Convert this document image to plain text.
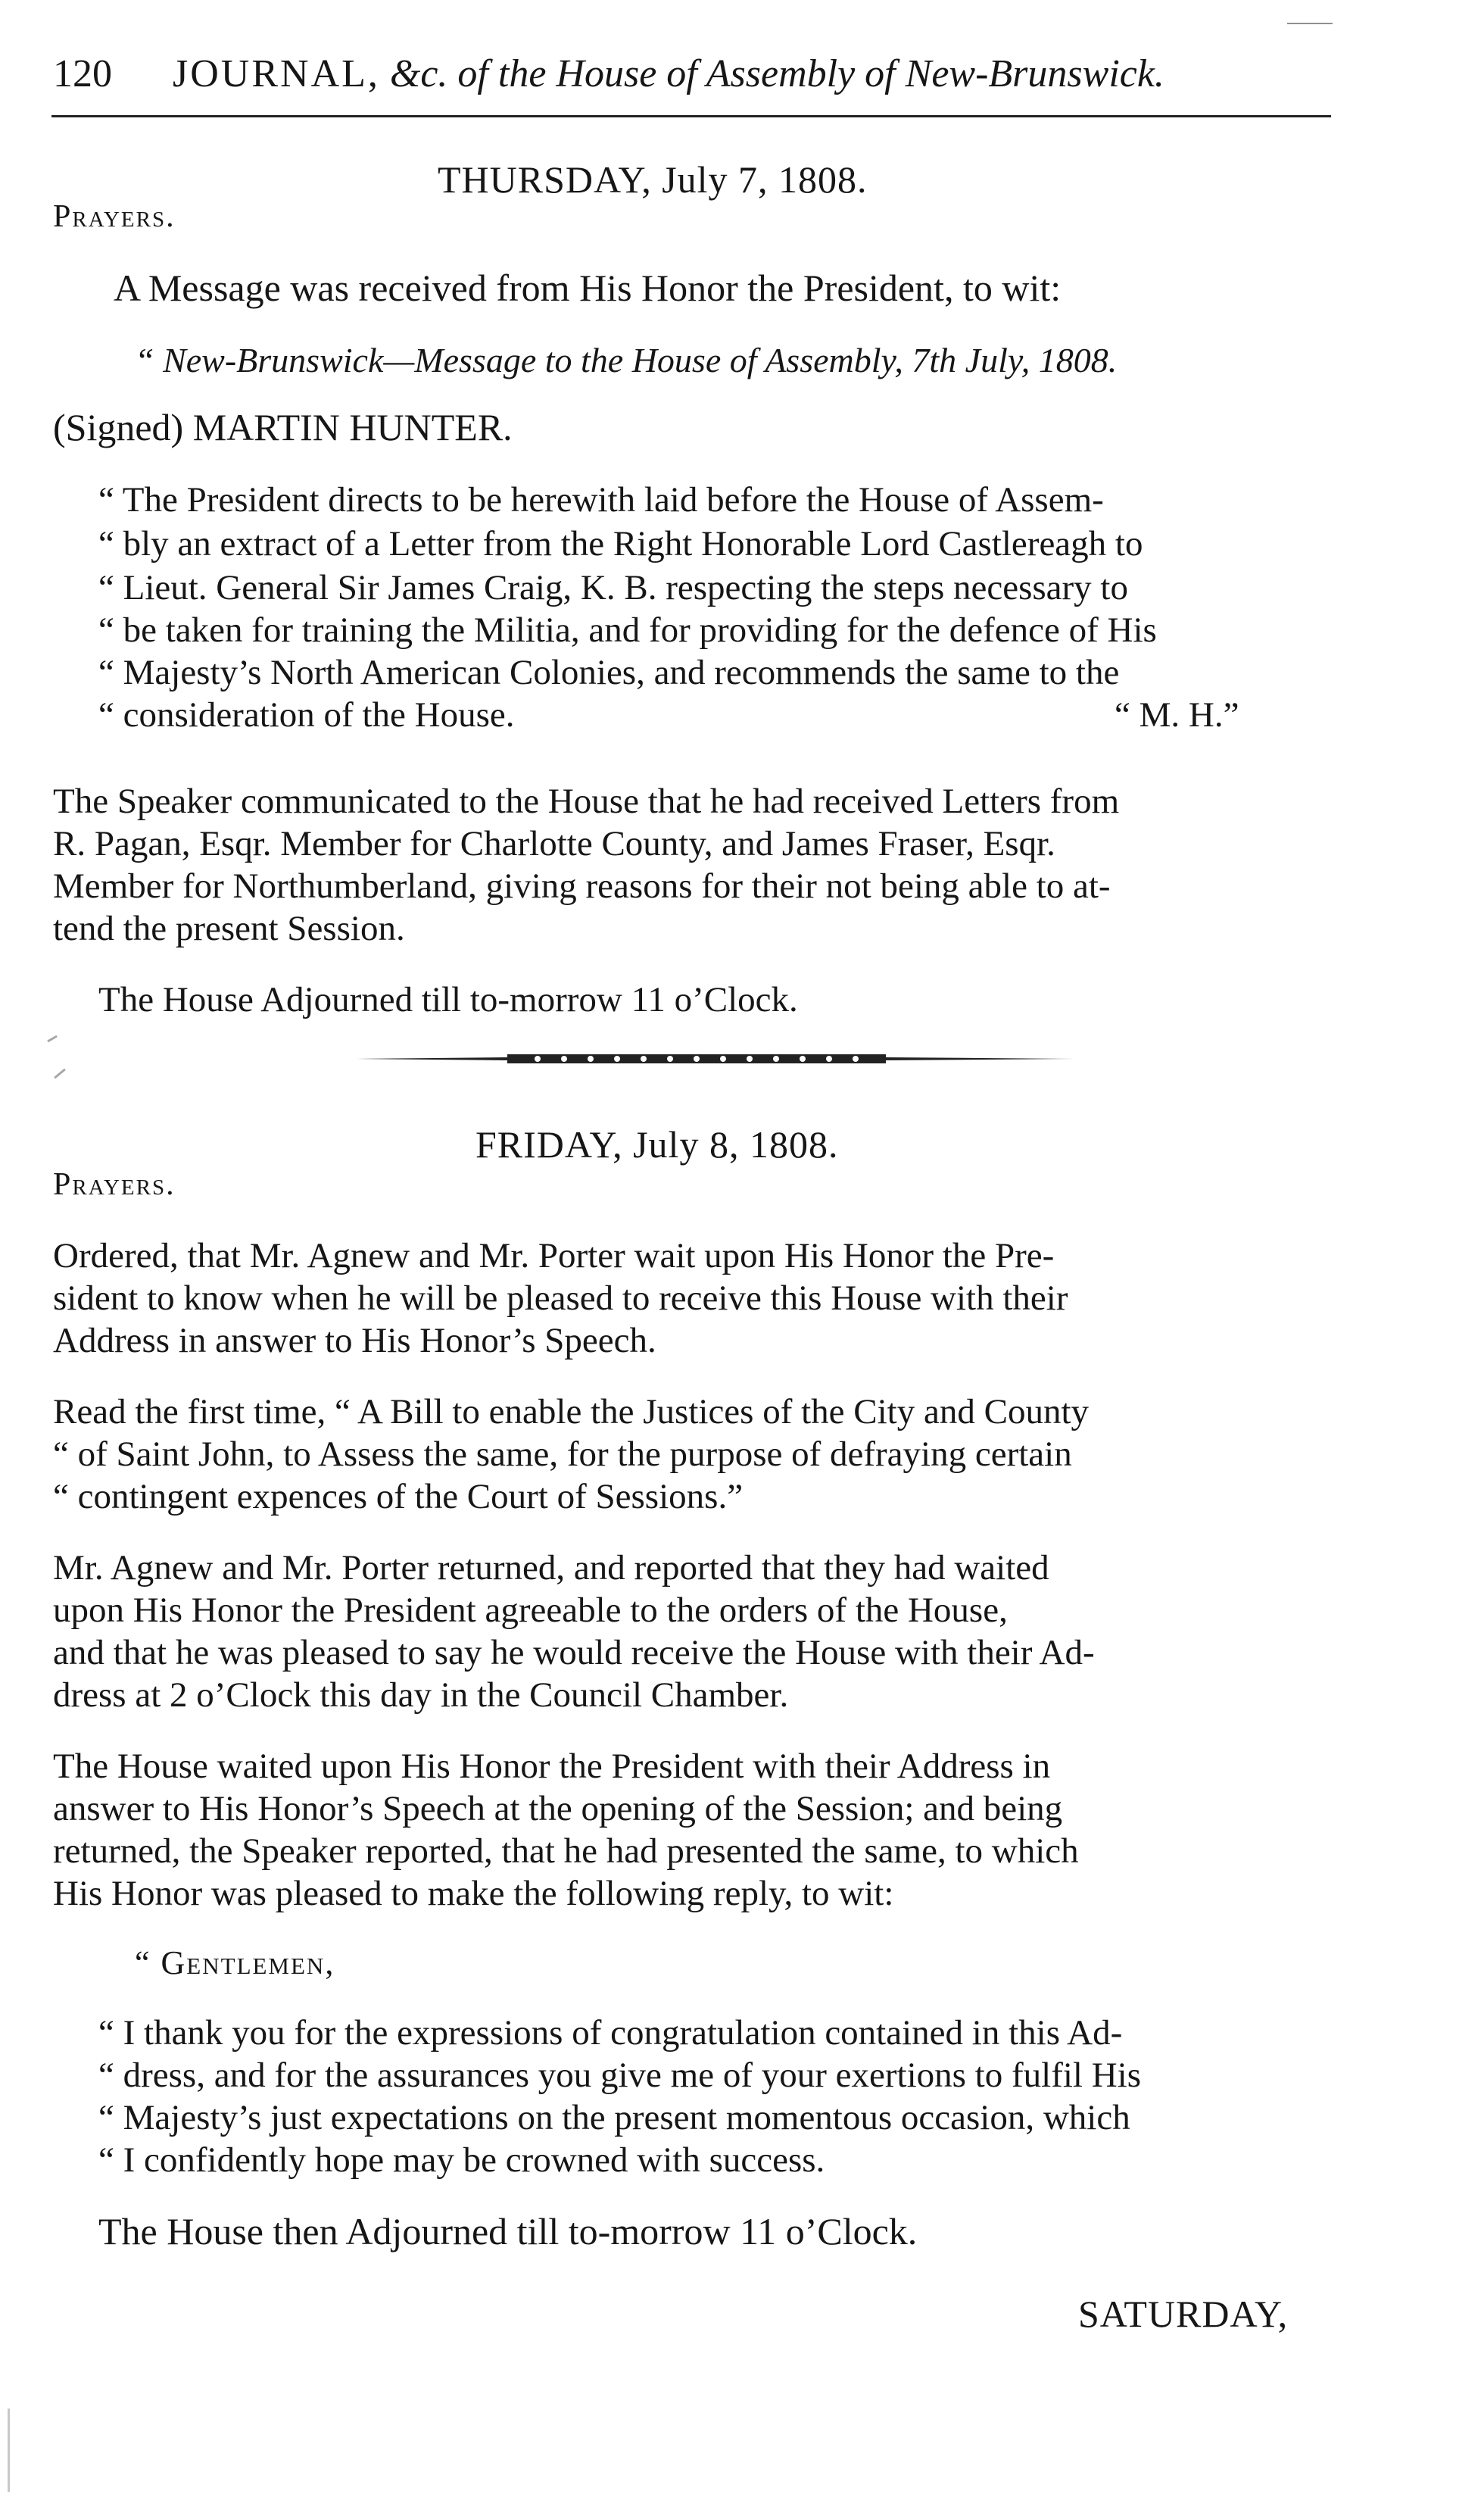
120 JOURNAL, &c. of the House of Assembly of New-Brunswick.
THURSDAY, July 7, 1808.
Prayers.
A Message was received from His Honor the President, to wit:
“ New-Brunswick—Message to the House of Assembly, 7th July, 1808.
(Signed) MARTIN HUNTER.
“ The President directs to be herewith laid before the House of Assem-
“ bly an extract of a Letter from the Right Honorable Lord Castlereagh to
“ Lieut. General Sir James Craig, K. B. respecting the steps necessary to
“ be taken for training the Militia, and for providing for the defence of His
“ Majesty’s North American Colonies, and recommends the same to the
“ consideration of the House.	“ M. H.”
The Speaker communicated to the House that he had received Letters from
R. Pagan, Esqr. Member for Charlotte County, and James Fraser, Esqr.
Member for Northumberland, giving reasons for their not being able to at-
tend the present Session.
The House Adjourned till to-morrow 11 o’Clock.
FRIDAY, July 8, 1808.
Prayers.
Ordered, that Mr. Agnew and Mr. Porter wait upon His Honor the Pre-
sident to know when he will be pleased to receive this House with their
Address in answer to His Honor’s Speech.
Read the first time, “ A Bill to enable the Justices of the City and County
“ of Saint John, to Assess the same, for the purpose of defraying certain
“ contingent expences of the Court of Sessions.”
Mr. Agnew and Mr. Porter returned, and reported that they had waited
upon His Honor the President agreeable to the orders of the House,
and that he was pleased to say he would receive the House with their Ad-
dress at 2 o’Clock this day in the Council Chamber.
The House waited upon His Honor the President with their Address in
answer to His Honor’s Speech at the opening of the Session; and being
returned, the Speaker reported, that he had presented the same, to which
His Honor was pleased to make the following reply, to wit:
“ Gentlemen,
“ I thank you for the expressions of congratulation contained in this Ad-
“ dress, and for the assurances you give me of your exertions to fulfil His
“ Majesty’s just expectations on the present momentous occasion, which
“ I confidently hope may be crowned with success.
The House then Adjourned till to-morrow 11 o’Clock.
SATURDAY,
